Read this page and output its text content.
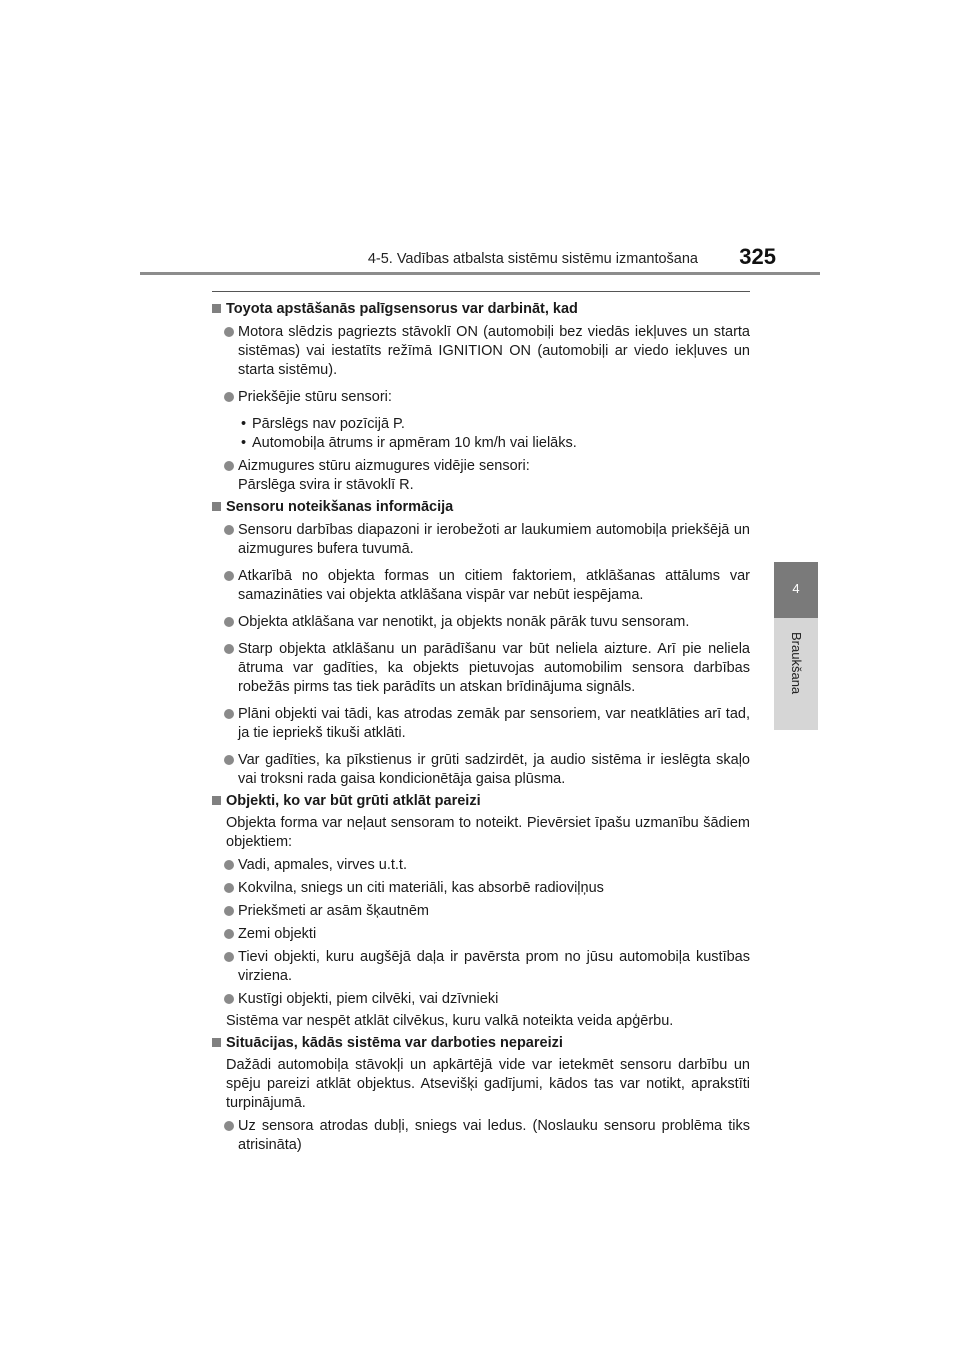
4-5. Vadības atbalsta sistēmu sistēmu izmantošana	325
4
Braukšana
Toyota apstāšanās palīgsensorus var darbināt, kad
Motora slēdzis pagriezts stāvoklī ON (automobiļi bez viedās iekļuves un starta sistēmas) vai iestatīts režīmā IGNITION ON (automobiļi ar viedo iekļuves un starta sistēmu).
Priekšējie stūru sensori:
• Pārslēgs nav pozīcijā P.
• Automobiļa ātrums ir apmēram 10 km/h vai lielāks.
Aizmugures stūru aizmugures vidējie sensori:
Pārslēga svira ir stāvoklī R.
Sensoru noteikšanas informācija
Sensoru darbības diapazoni ir ierobežoti ar laukumiem automobiļa priekšējā un aizmugures bufera tuvumā.
Atkarībā no objekta formas un citiem faktoriem, atklāšanas attālums var samazināties vai objekta atklāšana vispār var nebūt iespējama.
Objekta atklāšana var nenotikt, ja objekts nonāk pārāk tuvu sensoram.
Starp objekta atklāšanu un parādīšanu var būt neliela aizture. Arī pie neliela ātruma var gadīties, ka objekts pietuvojas automobilim sensora darbības robežās pirms tas tiek parādīts un atskan brīdinājuma signāls.
Plāni objekti vai tādi, kas atrodas zemāk par sensoriem, var neatklāties arī tad, ja tie iepriekš tikuši atklāti.
Var gadīties, ka pīkstienus ir grūti sadzirdēt, ja audio sistēma ir ieslēgta skaļo vai troksni rada gaisa kondicionētāja gaisa plūsma.
Objekti, ko var būt grūti atklāt pareizi
Objekta forma var neļaut sensoram to noteikt. Pievērsiet īpašu uzmanību šādiem objektiem:
Vadi, apmales, virves u.t.t.
Kokvilna, sniegs un citi materiāli, kas absorbē radioviļņus
Priekšmeti ar asām šķautnēm
Zemi objekti
Tievi objekti, kuru augšējā daļa ir pavērsta prom no jūsu automobiļa kustības virziena.
Kustīgi objekti, piem cilvēki, vai dzīvnieki
Sistēma var nespēt atklāt cilvēkus, kuru valkā noteikta veida apģērbu.
Situācijas, kādās sistēma var darboties nepareizi
Dažādi automobiļa stāvokļi un apkārtējā vide var ietekmēt sensoru darbību un spēju pareizi atklāt objektus. Atsevišķi gadījumi, kādos tas var notikt, aprakstīti turpinājumā.
Uz sensora atrodas dubļi, sniegs vai ledus. (Noslauku sensoru problēma tiks atrisināta)
